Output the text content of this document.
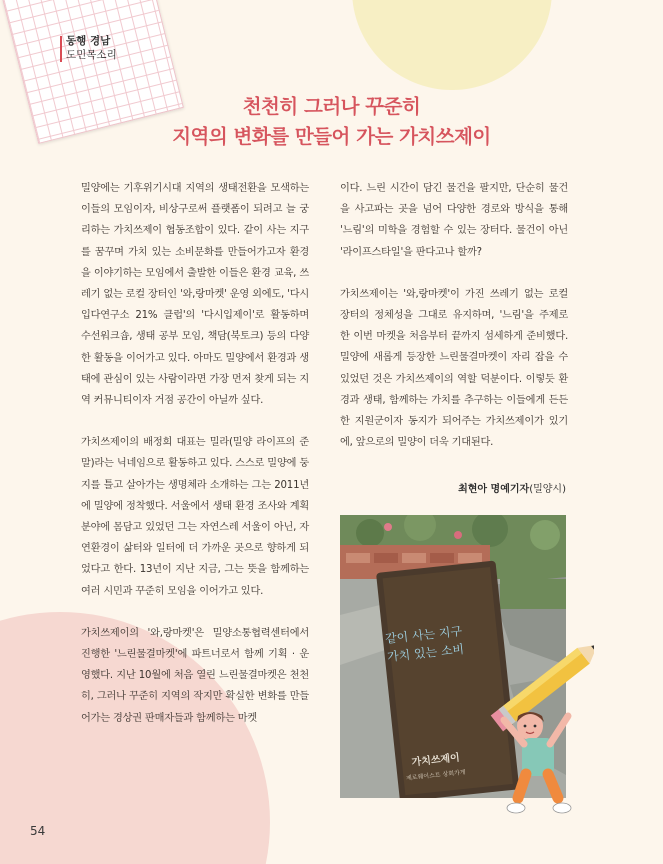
동행 경남
도민목소리
천천히 그러나 꾸준히
지역의 변화를 만들어 가는 가치쓰제이

밀양에는 기후위기시대 지역의 생태전환을 모색하는 이들의 모임이자, 비상구로써 플랫폼이 되려고 늘 궁리하는 가치쓰제이 협동조합이 있다. 같이 사는 지구를 꿈꾸며 가치 있는 소비문화를 만들어가고자 환경을 이야기하는 모임에서 출발한 이들은 환경 교육, 쓰레기 없는 로컬 장터인 '와,랑마켓' 운영 외에도, '다시입다연구소 21% 클럽'의 '다시입제이'로 활동하며 수선워크숍, 생태 공부 모임, 책담(북토크) 등의 다양한 활동을 이어가고 있다. 아마도 밀양에서 환경과 생태에 관심이 있는 사람이라면 가장 먼저 찾게 되는 지역 커뮤니티이자 거점 공간이 아닐까 싶다.

가치쓰제이의 배정희 대표는 밀라(밀양 라이프의 준말)라는 닉네임으로 활동하고 있다. 스스로 밀양에 둥지를 틀고 살아가는 생명체라 소개하는 그는 2011년에 밀양에 정착했다. 서울에서 생태 환경 조사와 계획 분야에 몸담고 있었던 그는 자연스레 서울이 아닌, 자연환경이 삶터와 일터에 더 가까운 곳으로 향하게 되었다고 한다. 13년이 지난 지금, 그는 뜻을 함께하는 여러 시민과 꾸준히 모임을 이어가고 있다.

가치쓰제이의 '와,랑마켓'은 밀양소통협력센터에서 진행한 '느린물결마켓'에 파트너로서 함께 기획 · 운영했다. 지난 10월에 처음 열린 느린물결마켓은 천천히, 그러나 꾸준히 지역의 작지만 확실한 변화를 만들어가는 경상권 판매자들과 함께하는 마켓

이다. 느린 시간이 담긴 물건을 팔지만, 단순히 물건을 사고파는 곳을 넘어 다양한 경로와 방식을 통해 '느림'의 미학을 경험할 수 있는 장터다. 물건이 아닌 '라이프스타일'을 판다고나 할까?

가치쓰제이는 '와,랑마켓'이 가진 쓰레기 없는 로컬 장터의 정체성을 그대로 유지하며, '느림'을 주제로 한 이번 마켓을 처음부터 끝까지 섬세하게 준비했다. 밀양에 새롭게 등장한 느린물결마켓이 자리 잡을 수 있었던 것은 가치쓰제이의 역할 덕분이다. 이렇듯 환경과 생태, 함께하는 가치를 추구하는 이들에게 든든한 지원군이자 동지가 되어주는 가치쓰제이가 있기에, 앞으로의 밀양이 더욱 기대된다.

최현아 명예기자(밀양시)
같이 사는 지구
가치 있는 소비
가치쓰제이
제로웨이스트 상회가게
54
